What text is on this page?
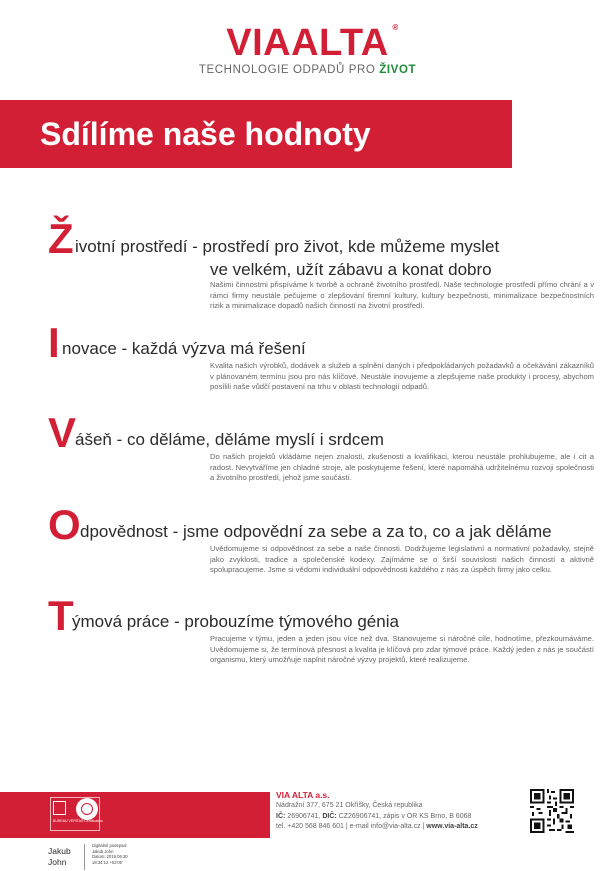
VIAALTA ®
TECHNOLOGIE ODPADŮ PRO ŽIVOT
Sdílíme naše hodnoty
Ž ivotní prostředí - prostředí pro život, kde můžeme myslet
ve velkém, užít zábavu a konat dobro
Našimi činnostmi přispíváme k tvorbě a ochraně životního prostředí. Naše technologie prostředí přímo chrání a v rámci firmy neustále pečujeme o zlepšování firemní kultury, kultury bezpečnosti, minimalizace bezpečnostních rizik a minimalizace dopadů našich činností na životní prostředí.
I novace - každá výzva má řešení
Kvalita našich výrobků, dodávek a služeb a splnění daných i předpokládaných požadavků a očekávání zákazníků v plánovaném termínu jsou pro nás klíčové. Neustále inovujeme a zlepšujeme naše produkty i procesy, abychom posílili naše vůdčí postavení na trhu v oblasti technologií odpadů.
V
ášeň - co děláme, děláme myslí i srdcem
Do našich projektů vkládáme nejen znalosti, zkušenosti a kvalifikaci, kterou neustále prohlubujeme, ale i cit a radost. Nevytváříme jen chladné stroje, ale poskytujeme řešení, které napomáhá udržitelnému rozvoji společnosti a životního prostředí, jehož jsme součástí.
O dpovědnost - jsme odpovědní za sebe a za to, co a jak děláme
Uvědomujeme si odpovědnost za sebe a naše činnosti. Dodržujeme legislativní a normativní požadavky, stejně jako zvyklosti, tradice a společenské kodexy. Zajímáme se o širší souvislosti našich činností a aktivně spolupracujeme. Jsme si vědomi individuální odpovědnosti každého z nás za úspěch firmy jako celku.
T
ýmová práce - probouzíme týmového génia
Pracujeme v týmu, jeden a jeden jsou více než dva. Stanovujeme si náročné cíle, hodnotíme, přezkoumáváme. Uvědomujeme si, že termínová přesnost a kvalita je klíčová pro zdar týmové práce. Každý jeden z nás je součástí organismu, který umožňuje naplnit náročné výzvy projektů, které realizujeme.
BUREAU VERITAS Certification
VIA ALTA a.s.
Nádražní 377, 675 21 Okříšky, Česká republika
IČ: 26906741, DIČ: CZ26906741, zápis v OR KS Brno, B 6068
tel. +420 568 846 601 | e-mail info@via-alta.cz | www.via-alta.cz
Jakub
John
Digitálně podepsal
Jakub John
Datum: 2019.06.30
18:34:12 +02'00'
